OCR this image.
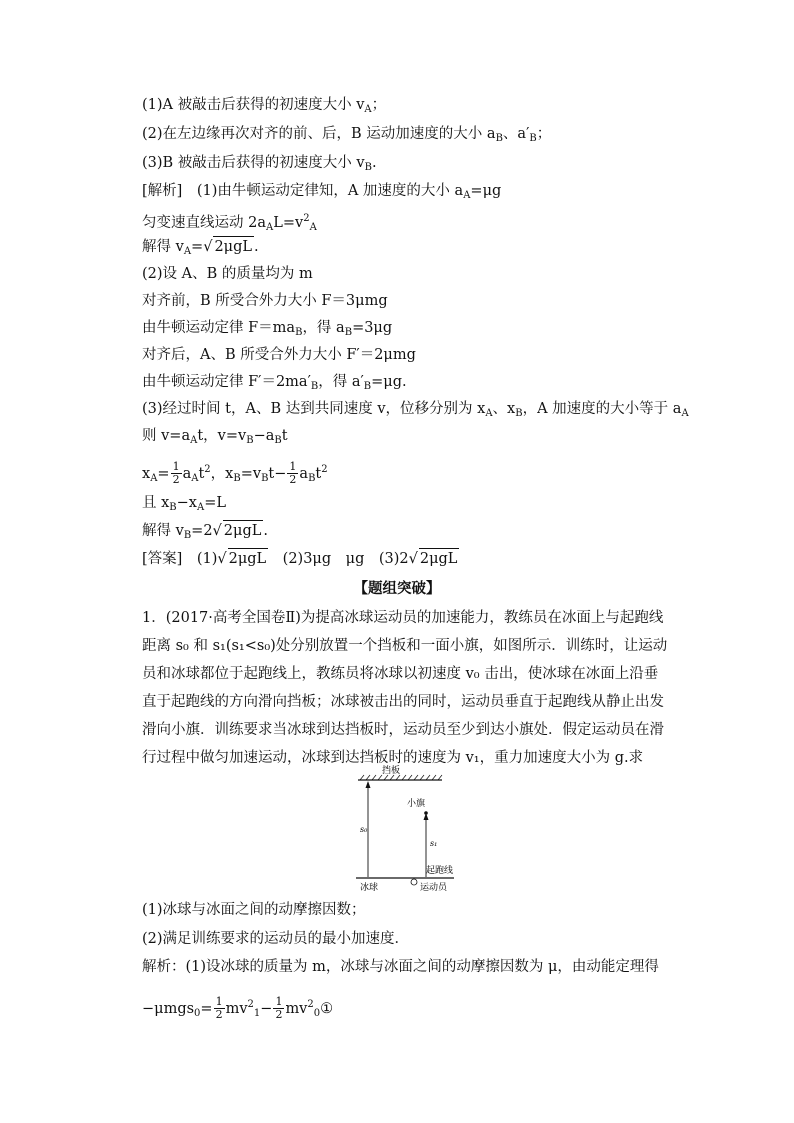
(1)A 被敲击后获得的初速度大小 $v_A$；
(2)在左边缘再次对齐的前、后，B 运动加速度的大小 $a_B$、$a'_B$；
(3)B 被敲击后获得的初速度大小 $v_B$.
[解析]　(1)由牛顿运动定律知，A 加速度的大小 $a_A=\mu g$
匀变速直线运动 $2a_AL=v^2_A$
解得 $v_A=√$ 2μgL .
(2)设 A、B 的质量均为 m
对齐前，B 所受合外力大小 F＝3μmg
由牛顿运动定律 $F=ma_B$，得 $a_B=3\mu g$
对齐后，A、B 所受合外力大小 F′＝2μmg
由牛顿运动定律 $F'=2ma'_B$，得 $a'_B=\mu g$.
(3)经过时间 t，A、B 达到共同速度 v，位移分别为 $x_A$、$x_B$，A 加速度的大小等于 $a_A$
则 $v=a_At$，$v=v_B-a_Bt$
$x_A= \frac{1}{2} a_At^2$，$x_B=v_Bt- \frac{1}{2} a_Bt^2$
且 $x_B-x_A=L$
解得 $v_B=2√$ 2μgL .
[答案]　(1)√ 2μgL　(2)3μg　μg　(3)2√ 2μgL
【题组突破】
1．(2017·高考全国卷Ⅱ)为提高冰球运动员的加速能力，教练员在冰面上与起跑线距离 s₀ 和 s₁(s₁<s₀)处分别放置一个挡板和一面小旗，如图所示．训练时，让运动员和冰球都位于起跑线上，教练员将冰球以初速度 v₀ 击出，使冰球在冰面上沿垂直于起跑线的方向滑向挡板；冰球被击出的同时，运动员垂直于起跑线从静止出发滑向小旗．训练要求当冰球到达挡板时，运动员至少到达小旗处．假定运动员在滑行过程中做匀加速运动，冰球到达挡板时的速度为 v₁，重力加速度大小为 g.求
挡板
s₀
s₁
小旗
起跑线
冰球	运动员
(1)冰球与冰面之间的动摩擦因数；
(2)满足训练要求的运动员的最小加速度．
解析：(1)设冰球的质量为 m，冰球与冰面之间的动摩擦因数为 μ，由动能定理得
$-\mu mgs_0= \frac{1}{2} mv^2_1- \frac{1}{2}$ $mv^2_0①$
